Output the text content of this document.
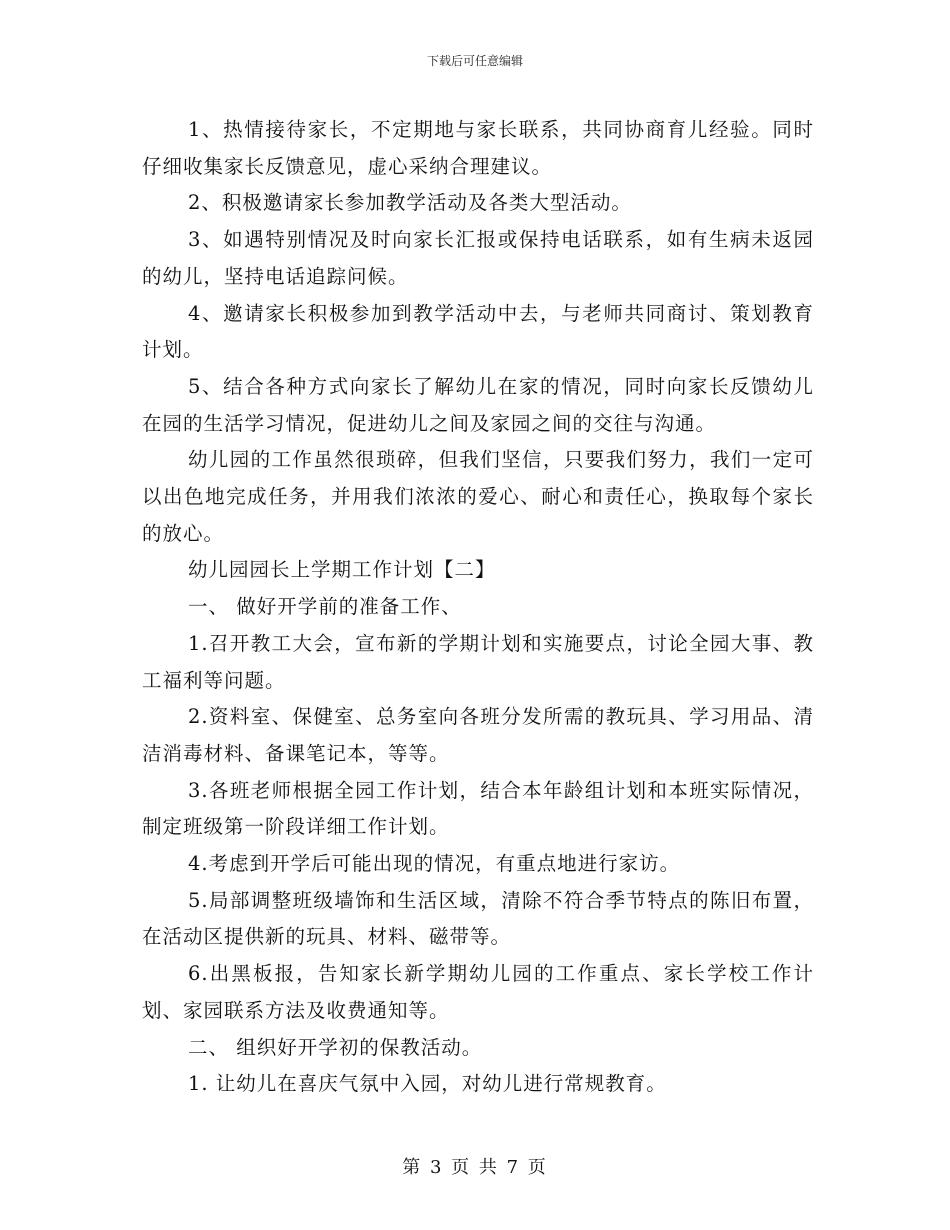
下载后可任意编辑

1、热情接待家长，不定期地与家长联系，共同协商育儿经验。同时仔细收集家长反馈意见，虚心采纳合理建议。

2、积极邀请家长参加教学活动及各类大型活动。

3、如遇特别情况及时向家长汇报或保持电话联系，如有生病未返园的幼儿，坚持电话追踪问候。

4、邀请家长积极参加到教学活动中去，与老师共同商讨、策划教育计划。

5、结合各种方式向家长了解幼儿在家的情况，同时向家长反馈幼儿在园的生活学习情况，促进幼儿之间及家园之间的交往与沟通。

幼儿园的工作虽然很琐碎，但我们坚信，只要我们努力，我们一定可以出色地完成任务，并用我们浓浓的爱心、耐心和责任心，换取每个家长的放心。

幼儿园园长上学期工作计划【二】

一、 做好开学前的准备工作、

1.召开教工大会，宣布新的学期计划和实施要点，讨论全园大事、教工福利等问题。

2.资料室、保健室、总务室向各班分发所需的教玩具、学习用品、清洁消毒材料、备课笔记本，等等。

3.各班老师根据全园工作计划，结合本年龄组计划和本班实际情况，制定班级第一阶段详细工作计划。

4.考虑到开学后可能出现的情况，有重点地进行家访。

5.局部调整班级墙饰和生活区域，清除不符合季节特点的陈旧布置，在活动区提供新的玩具、材料、磁带等。

6.出黑板报，告知家长新学期幼儿园的工作重点、家长学校工作计划、家园联系方法及收费通知等。

二、 组织好开学初的保教活动。

1. 让幼儿在喜庆气氛中入园，对幼儿进行常规教育。

第 3 页 共 7 页
